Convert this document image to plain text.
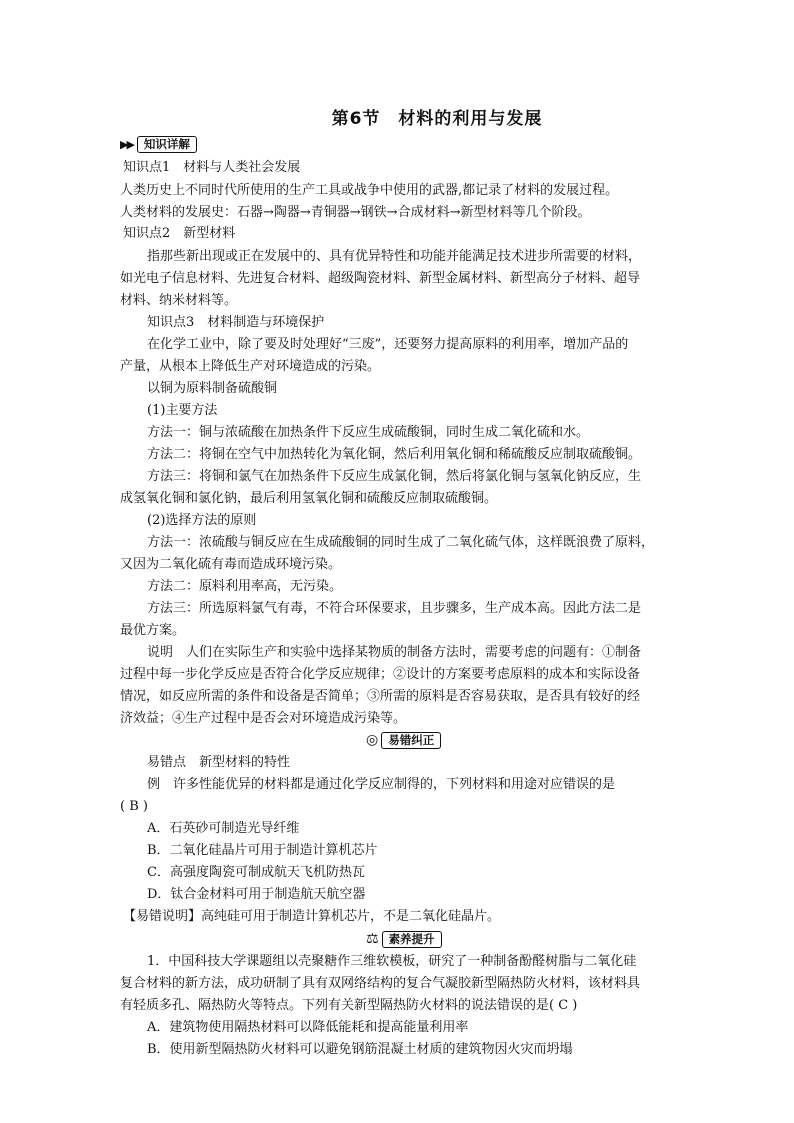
第6节　材料的利用与发展
▶▶ 知识详解
知识点1　材料与人类社会发展
人类历史上不同时代所使用的生产工具或战争中使用的武器,都记录了材料的发展过程。
人类材料的发展史：石器→陶器→青铜器→钢铁→合成材料→新型材料等几个阶段。
知识点2　新型材料
指那些新出现或正在发展中的、具有优异特性和功能并能满足技术进步所需要的材料，
如光电子信息材料、先进复合材料、超级陶瓷材料、新型金属材料、新型高分子材料、超导
材料、纳米材料等。
知识点3　材料制造与环境保护
在化学工业中，除了要及时处理好“三废”，还要努力提高原料的利用率，增加产品的
产量，从根本上降低生产对环境造成的污染。
以铜为原料制备硫酸铜
(1)主要方法
方法一：铜与浓硫酸在加热条件下反应生成硫酸铜，同时生成二氧化硫和水。
方法二：将铜在空气中加热转化为氧化铜，然后利用氧化铜和稀硫酸反应制取硫酸铜。
方法三：将铜和氯气在加热条件下反应生成氯化铜，然后将氯化铜与氢氧化钠反应，生
成氢氧化铜和氯化钠，最后利用氢氧化铜和硫酸反应制取硫酸铜。
(2)选择方法的原则
方法一：浓硫酸与铜反应在生成硫酸铜的同时生成了二氧化硫气体，这样既浪费了原料，
又因为二氧化硫有毒而造成环境污染。
方法二：原料利用率高，无污染。
方法三：所选原料氯气有毒，不符合环保要求，且步骤多，生产成本高。因此方法二是
最优方案。
说明　人们在实际生产和实验中选择某物质的制备方法时，需要考虑的问题有：①制备
过程中每一步化学反应是否符合化学反应规律；②设计的方案要考虑原料的成本和实际设备
情况，如反应所需的条件和设备是否简单；③所需的原料是否容易获取，是否具有较好的经
济效益；④生产过程中是否会对环境造成污染等。
◎ 易错纠正
易错点　新型材料的特性
例　许多性能优异的材料都是通过化学反应制得的，下列材料和用途对应错误的是
( B )
A．石英砂可制造光导纤维
B．二氧化硅晶片可用于制造计算机芯片
C．高强度陶瓷可制成航天飞机防热瓦
D．钛合金材料可用于制造航天航空器
【易错说明】高纯硅可用于制造计算机芯片，不是二氧化硅晶片。
⚖ 素养提升
1．中国科技大学课题组以壳聚糖作三维软模板，研究了一种制备酚醛树脂与二氧化硅
复合材料的新方法，成功研制了具有双网络结构的复合气凝胶新型隔热防火材料，该材料具
有轻质多孔、隔热防火等特点。下列有关新型隔热防火材料的说法错误的是( C )
A．建筑物使用隔热材料可以降低能耗和提高能量利用率
B．使用新型隔热防火材料可以避免钢筋混凝土材质的建筑物因火灾而坍塌
